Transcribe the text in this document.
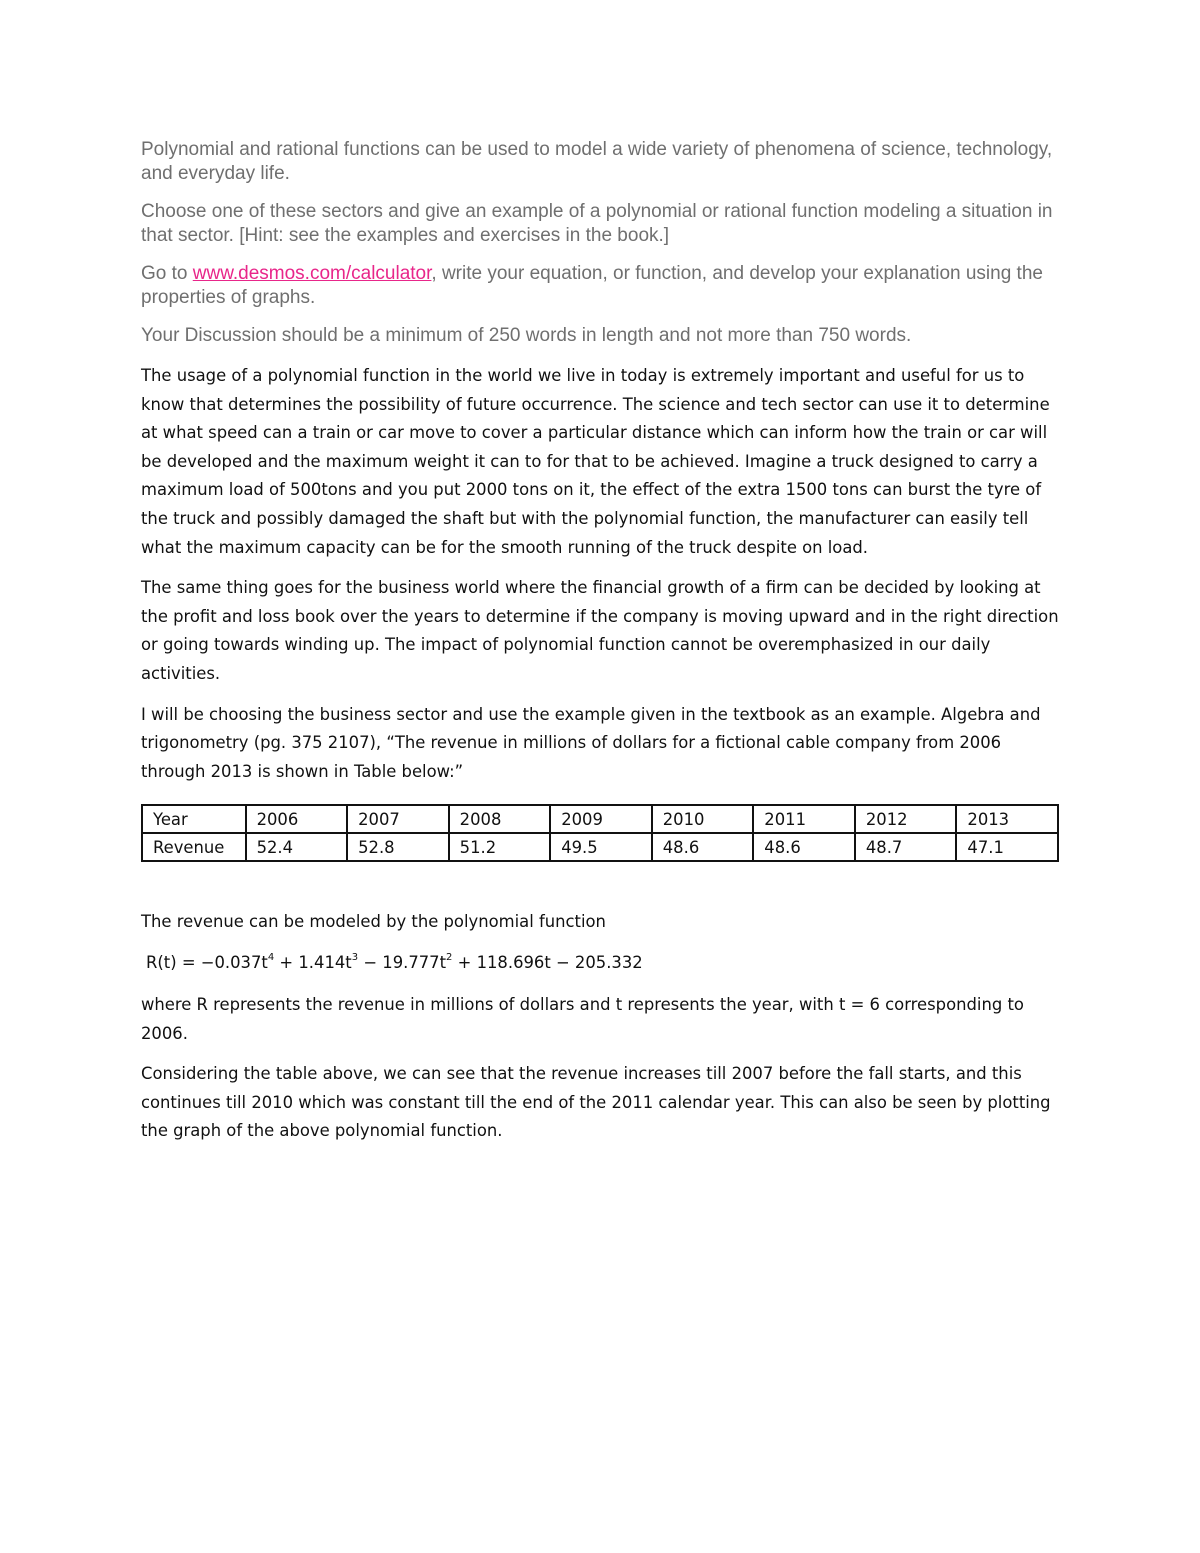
Polynomial and rational functions can be used to model a wide variety of phenomena of science, technology, and everyday life.

Choose one of these sectors and give an example of a polynomial or rational function modeling a situation in that sector. [Hint: see the examples and exercises in the book.]

Go to www.desmos.com/calculator, write your equation, or function, and develop your explanation using the properties of graphs.

Your Discussion should be a minimum of 250 words in length and not more than 750 words.

The usage of a polynomial function in the world we live in today is extremely important and useful for us to know that determines the possibility of future occurrence. The science and tech sector can use it to determine at what speed can a train or car move to cover a particular distance which can inform how the train or car will be developed and the maximum weight it can to for that to be achieved. Imagine a truck designed to carry a maximum load of 500tons and you put 2000 tons on it, the effect of the extra 1500 tons can burst the tyre of the truck and possibly damaged the shaft but with the polynomial function, the manufacturer can easily tell what the maximum capacity can be for the smooth running of the truck despite on load.

The same thing goes for the business world where the financial growth of a firm can be decided by looking at the profit and loss book over the years to determine if the company is moving upward and in the right direction or going towards winding up. The impact of polynomial function cannot be overemphasized in our daily activities.

I will be choosing the business sector and use the example given in the textbook as an example. Algebra and trigonometry (pg. 375 2107), “The revenue in millions of dollars for a fictional cable company from 2006 through 2013 is shown in Table below:”

Year	2006	2007	2008	2009	2010	2011	2012	2013
Revenue	52.4	52.8	51.2	49.5	48.6	48.6	48.7	47.1

The revenue can be modeled by the polynomial function

$R(t) = -0.037t^4 + 1.414t^3 - 19.777t^2 + 118.696t - 205.332$

where R represents the revenue in millions of dollars and t represents the year, with t = 6 corresponding to 2006.

Considering the table above, we can see that the revenue increases till 2007 before the fall starts, and this continues till 2010 which was constant till the end of the 2011 calendar year. This can also be seen by plotting the graph of the above polynomial function.
